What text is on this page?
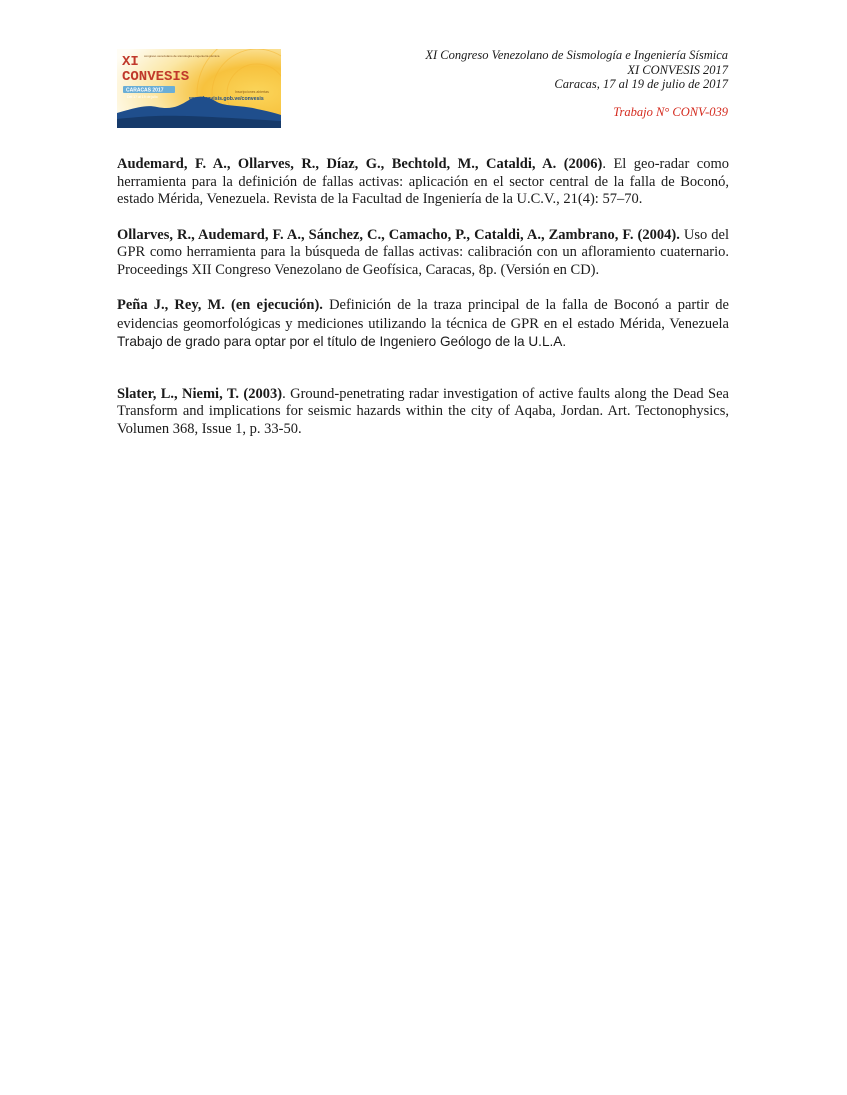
XI
CONVESIS
congreso venezolano de sismología e ingeniería sísmica
CARACAS 2017
Del 17 al 19 de julio
Inscripciones abiertas
www.funvisis.gob.ve/convesis
XI Congreso Venezolano de Sismología e Ingeniería Sísmica
XI CONVESIS 2017
Caracas, 17 al 19 de julio de 2017
Trabajo N° CONV-039

Audemard, F. A., Ollarves, R., Díaz, G., Bechtold, M., Cataldi, A. (2006). El geo-radar como herramienta para la definición de fallas activas: aplicación en el sector central de la falla de Boconó, estado Mérida, Venezuela. Revista de la Facultad de Ingeniería de la U.C.V., 21(4): 57–70.

Ollarves, R., Audemard, F. A., Sánchez, C., Camacho, P., Cataldi, A., Zambrano, F. (2004). Uso del GPR como herramienta para la búsqueda de fallas activas: calibración con un afloramiento cuaternario. Proceedings XII Congreso Venezolano de Geofísica, Caracas, 8p. (Versión en CD).

Peña J., Rey, M. (en ejecución). Definición de la traza principal de la falla de Boconó a partir de evidencias geomorfológicas y mediciones utilizando la técnica de GPR en el estado Mérida, Venezuela Trabajo de grado para optar por el título de Ingeniero Geólogo de la U.L.A.

Slater, L., Niemi, T. (2003). Ground-penetrating radar investigation of active faults along the Dead Sea Transform and implications for seismic hazards within the city of Aqaba, Jordan. Art. Tectonophysics, Volumen 368, Issue 1, p. 33-50.
